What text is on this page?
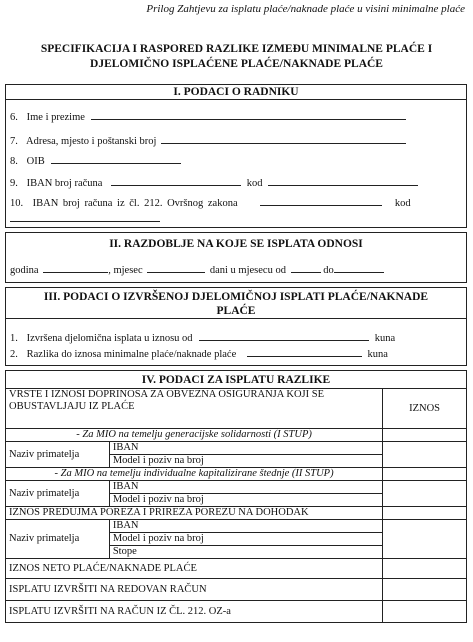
Prilog Zahtjevu za isplatu plaće/naknade plaće u visini minimalne plaće
SPECIFIKACIJA I RASPORED RAZLIKE IZMEĐU MINIMALNE PLAĆE I
DJELOMIČNO ISPLAĆENE PLAĆE/NAKNADE PLAĆE
I. PODACI O RADNIKU
6. Ime i prezime
7. Adresa, mjesto i poštanski broj
8. OIB
9. IBAN broj računa	kod
10. IBAN broj računa iz čl. 212. Ovršnog zakona	kod
II. RAZDOBLJE NA KOJE SE ISPLATA ODNOSI
godina	, mjesec	dani u mjesecu od	do
III. PODACI O IZVRŠENOJ DJELOMIČNOJ ISPLATI PLAĆE/NAKNADE
PLAĆE
1. Izvršena djelomična isplata u iznosu od	kuna
2. Razlika do iznosa minimalne plaće/naknade plaće	kuna
IV. PODACI ZA ISPLATU RAZLIKE
VRSTE I IZNOSI DOPRINOSA ZA OBVEZNA OSIGURANJA KOJI SE OBUSTAVLJAJU IZ PLAĆE		IZNOS
- Za MIO na temelju generacijske solidarnosti (I STUP)		
Naziv primatelja	IBAN	
	Model i poziv na broj	
- Za MIO na temelju individualne kapitalizirane štednje (II STUP)		
Naziv primatelja	IBAN	
	Model i poziv na broj	
IZNOS PREDUJMA POREZA I PRIREZA POREZU NA DOHODAK		
Naziv primatelja	IBAN	
	Model i poziv na broj	
	Stope	
IZNOS NETO PLAĆE/NAKNADE PLAĆE		
ISPLATU IZVRŠITI NA REDOVAN RAČUN		
ISPLATU IZVRŠITI NA RAČUN IZ ČL. 212. OZ-a		
